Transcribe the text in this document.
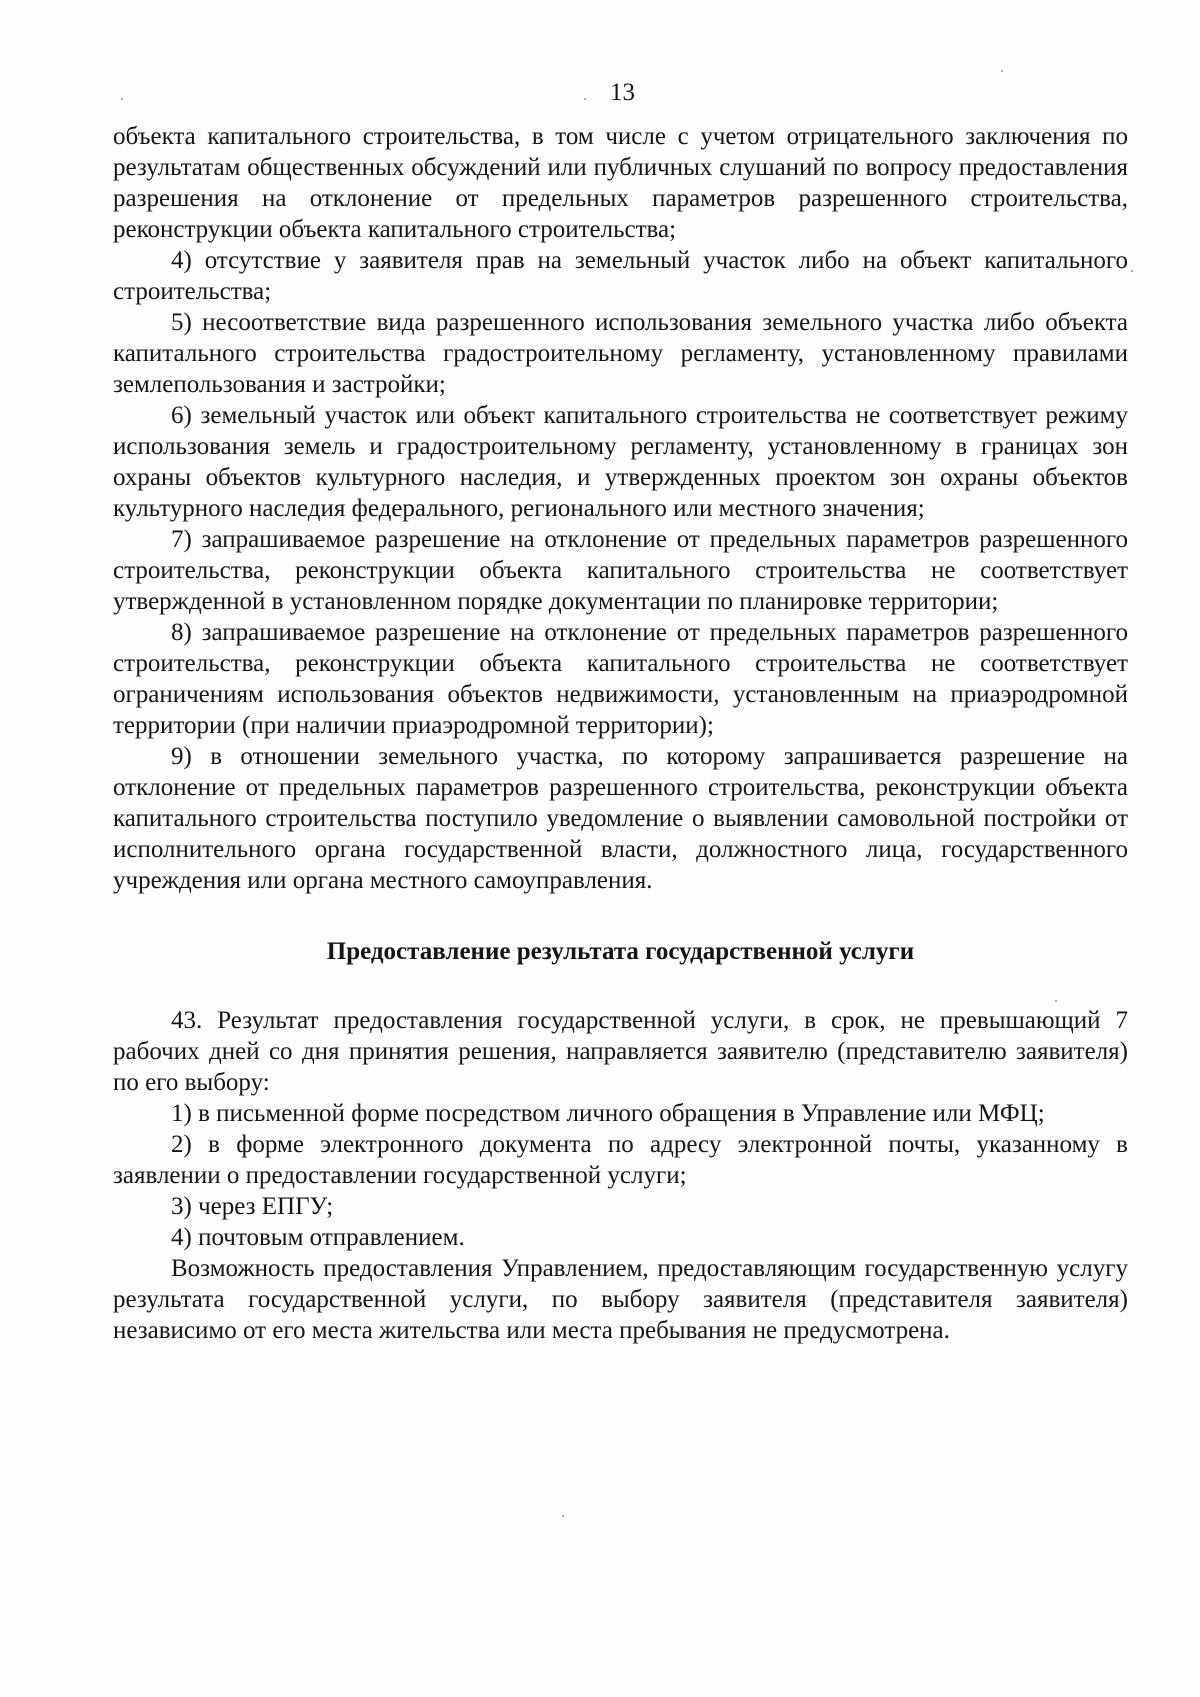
13

объекта капитального строительства, в том числе с учетом отрицательного заключения по результатам общественных обсуждений или публичных слушаний по вопросу предоставления разрешения на отклонение от предельных параметров разрешенного строительства, реконструкции объекта капитального строительства;

4) отсутствие у заявителя прав на земельный участок либо на объект капитального строительства;

5) несоответствие вида разрешенного использования земельного участка либо объекта капитального строительства градостроительному регламенту, установленному правилами землепользования и застройки;

6) земельный участок или объект капитального строительства не соответствует режиму использования земель и градостроительному регламенту, установленному в границах зон охраны объектов культурного наследия, и утвержденных проектом зон охраны объектов культурного наследия федерального, регионального или местного значения;

7) запрашиваемое разрешение на отклонение от предельных параметров разрешенного строительства, реконструкции объекта капитального строительства не соответствует утвержденной в установленном порядке документации по планировке территории;

8) запрашиваемое разрешение на отклонение от предельных параметров разрешенного строительства, реконструкции объекта капитального строительства не соответствует ограничениям использования объектов недвижимости, установленным на приаэродромной территории (при наличии приаэродромной территории);

9) в отношении земельного участка, по которому запрашивается разрешение на отклонение от предельных параметров разрешенного строительства, реконструкции объекта капитального строительства поступило уведомление о выявлении самовольной постройки от исполнительного органа государственной власти, должностного лица, государственного учреждения или органа местного самоуправления.

Предоставление результата государственной услуги

43. Результат предоставления государственной услуги, в срок, не превышающий 7 рабочих дней со дня принятия решения, направляется заявителю (представителю заявителя) по его выбору:

1) в письменной форме посредством личного обращения в Управление или МФЦ;

2) в форме электронного документа по адресу электронной почты, указанному в заявлении о предоставлении государственной услуги;

3) через ЕПГУ;

4) почтовым отправлением.

Возможность предоставления Управлением, предоставляющим государственную услугу результата государственной услуги, по выбору заявителя (представителя заявителя) независимо от его места жительства или места пребывания не предусмотрена.
